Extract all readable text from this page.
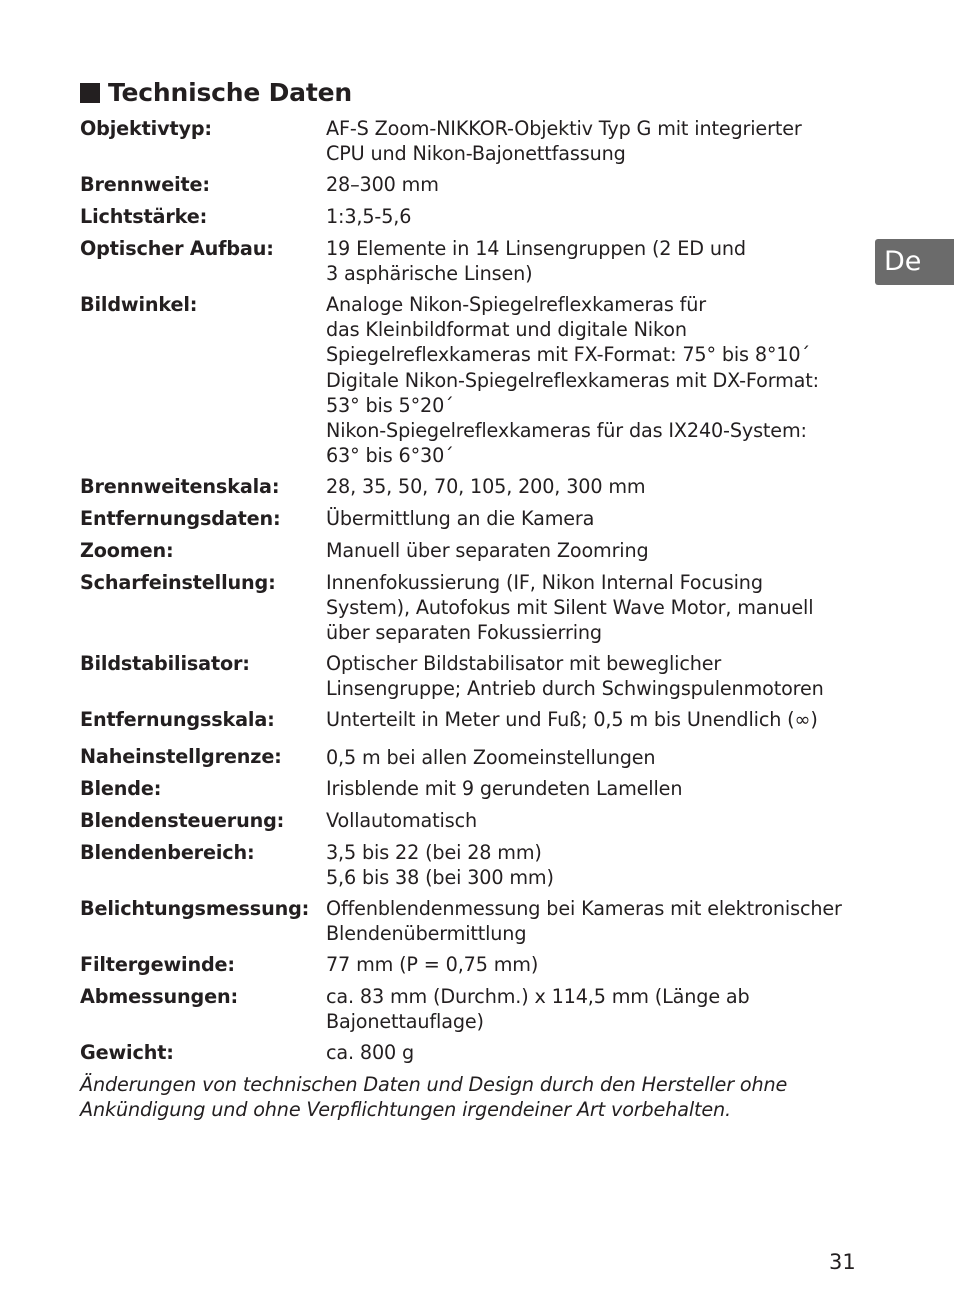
Technische Daten
De
Objektivtyp:	AF-S Zoom-NIKKOR-Objektiv Typ G mit integrierter
CPU und Nikon-Bajonettfassung
Brennweite:	28–300 mm
Lichtstärke:	1:3,5-5,6
Optischer Aufbau:	19 Elemente in 14 Linsengruppen (2 ED und
3 asphärische Linsen)
Bildwinkel:	Analoge Nikon-Spiegelreflexkameras für
das Kleinbildformat und digitale Nikon
Spiegelreflexkameras mit FX-Format: 75° bis 8°10´
Digitale Nikon-Spiegelreflexkameras mit DX-Format:
53° bis 5°20´
Nikon-Spiegelreflexkameras für das IX240-System:
63° bis 6°30´
Brennweitenskala: 28, 35, 50, 70, 105, 200, 300 mm
Entfernungsdaten: Übermittlung an die Kamera
Zoomen:	Manuell über separaten Zoomring
Scharfeinstellung:	Innenfokussierung (IF, Nikon Internal Focusing
System), Autofokus mit Silent Wave Motor, manuell
über separaten Fokussierring
Bildstabilisator:	Optischer Bildstabilisator mit beweglicher
Linsengruppe; Antrieb durch Schwingspulenmotoren
Entfernungsskala:	Unterteilt in Meter und Fuß; 0,5 m bis Unendlich (∞)
Naheinstellgrenze: 0,5 m bei allen Zoomeinstellungen
Blende:	Irisblende mit 9 gerundeten Lamellen
Blendensteuerung: Vollautomatisch
Blendenbereich:	3,5 bis 22 (bei 28 mm)
5,6 bis 38 (bei 300 mm)
Belichtungsmessung: Offenblendenmessung bei Kameras mit elektronischer
Blendenübermittlung
Filtergewinde:	77 mm (P = 0,75 mm)
Abmessungen:	ca. 83 mm (Durchm.) x 114,5 mm (Länge ab
Bajonettauflage)
Gewicht:	ca. 800 g
Änderungen von technischen Daten und Design durch den Hersteller ohne
Ankündigung und ohne Verpflichtungen irgendeiner Art vorbehalten.
31
